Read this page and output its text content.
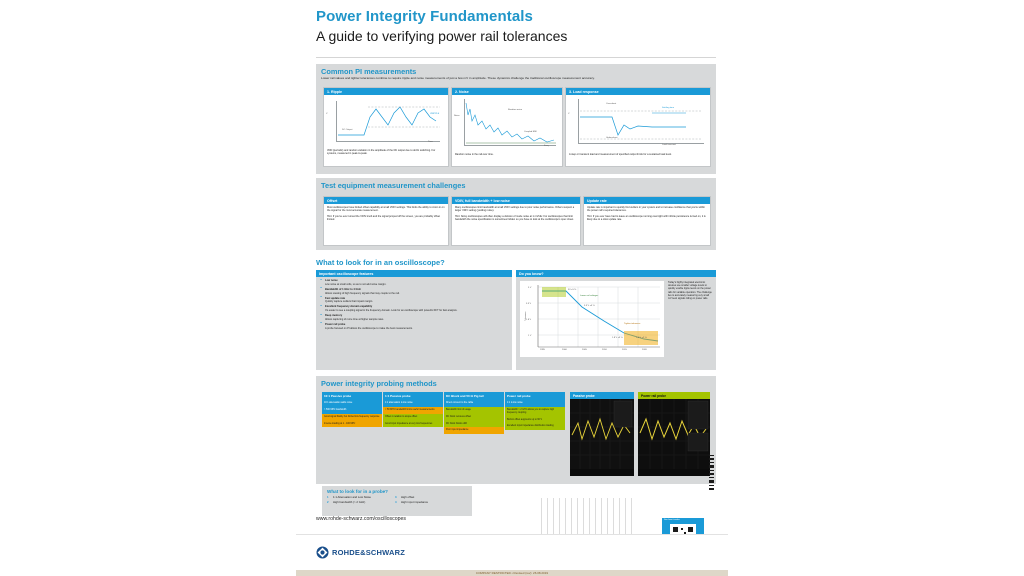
Power Integrity Fundamentals
A guide to verifying power rail tolerances
Common PI measurements
Lower rail values and tighter tolerances combine to require ripple and noise measurements of just a few mV in amplitude. These dynamics challenge the traditional oscilloscope measurement accuracy.
1. Ripple
V
Time
DC Output
VRIPPLE
VDD (periodic) and random variation in the amplitude of the DC output due to dc/dc switching. For systems, measured in peak-to-peak.
2. Noise
Noise
Freq
Random noise
Coupled EMI
Random noise in the rail over time.
3. Load response
V
Load transient
Overshoot
Undershoot
Settling time
A step or transient load and measurement of specified output limits for a sustained load level.
Test equipment measurement challenges
Offset
Most oscilloscopes have limited offset capability at small VDIV settings. This limits the ability to zoom in on the signal for the most accurate measurement.
Hint: If you've ever turned the VDIV knob and the signal jumped off the screen, you are probably offset limited.
VDIV, full bandwidth + low noise
Many oscilloscopes limit bandwidth at small VDIV settings due to poor noise performance. Others suspect a larger VDIV setting (yielding noise).
Hint: Noisy oscilloscopes will often display a division of mode noise at 1 mV/div. For oscilloscopes that limit bandwidth the noise specification is sometimes hidden so you have to look at the oscilloscope's spec sheet.
Update rate
Update rate is important to quickly find outliers in your system and to increase confidence that you're within the power rail's required tolerances.
Hint: If you ever have had to leave an oscilloscope running overnight with infinite persistence turned on, it is likely due to a slow update rate.
What to look for in an oscilloscope?
Important oscilloscope features
■ Low noise
Low noise at small volts, so as to not add noise margin.
■ Bandwidth of 1 GHz to 4 GHz
Allows viewing of high frequency signals that may couple to the rail.
■ Fast update rate
Quickly capture outliers that impact margin.
■ Excellent frequency domain capability
It's easier to see a coupling signal in the frequency domain. Look for an oscilloscope with powerful FFT for fast analysis.
■ Deep memory
Allows capturing of more time at higher sample rates.
■ Power rail probe
A probe focused on PI allows the oscilloscope to make the best measurements.
Do you know?
Tolerance
5 V
3.3 V
1.8 V
1 V
1995	2000	2005	2010	2015	2020
5V ±5 %
3.3 V ±5 %
1.8 V ±3 %	1.0 V ±2 %
Lower rail voltages
Tighter tolerance
Today's highly integrated electronic devices use smaller voltage levels to quickly enable ripple levels on the power rails for variable operation. The challenge lies to accurately measuring very small mV level signals riding on power rails.
Power integrity probing methods
10:1 Passive probe
10:1 attenuation adds noise
> 500 MHz bandwidth
Good signal fidelity but limited low frequency response
Inverse loading at 1 - 100 MHz
1:1 Passive probe
1:1 attenuation is low noise
< 50 MHz bandwidth limits useful measurements
Offset in relation to scope offset
Good input impedance at very low frequencies
DC Block and 50 Ω Pig tail
Direct connect to the cable
Bandwidth limit of usage
DC block removes offset
DC block blocks drift
Poor input impedance
Power rail probe
1:1 is low noise
Bandwidth > 2 GHz allows you to capture high frequency coupling
Built-in offset augments up to 60 V
Excellent input impedance distribution loading
Passive probe	Power rail probe
What to look for in a probe?
1	1:1 Attenuation and Low Noise	3	High offset
2	High bandwidth (> 2 GHz)	4	High input impedance
www.rohde-schwarz.com/oscilloscopes	See how it works
ROHDE&SCHWARZ
COMPANY RESTRICTED • Revised (rev): 26.08.2019
